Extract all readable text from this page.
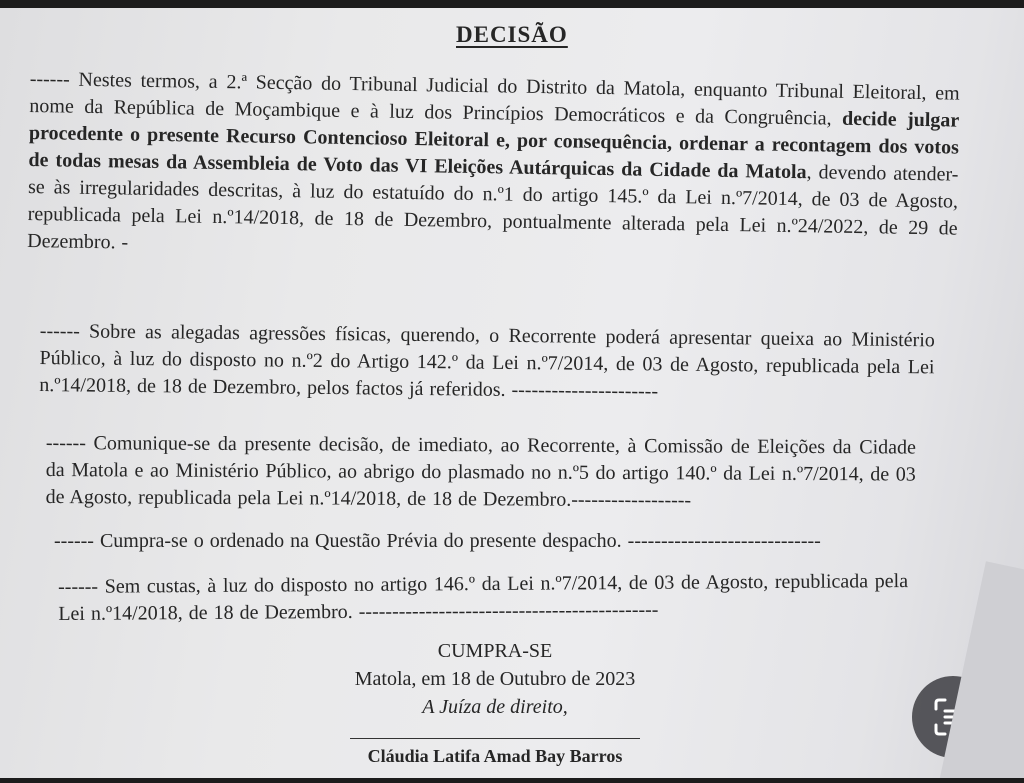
DECISÃO

------ Nestes termos, a 2.ª Secção do Tribunal Judicial do Distrito da Matola, enquanto Tribunal Eleitoral, em nome da República de Moçambique e à luz dos Princípios Democráticos e da Congruência, decide julgar procedente o presente Recurso Contencioso Eleitoral e, por consequência, ordenar a recontagem dos votos de todas mesas da Assembleia de Voto das VI Eleições Autárquicas da Cidade da Matola, devendo atender-se às irregularidades descritas, à luz do estatuído do n.º1 do artigo 145.º da Lei n.º7/2014, de 03 de Agosto, republicada pela Lei n.º14/2018, de 18 de Dezembro, pontualmente alterada pela Lei n.º24/2022, de 29 de Dezembro. -

------ Sobre as alegadas agressões físicas, querendo, o Recorrente poderá apresentar queixa ao Ministério Público, à luz do disposto no n.º2 do Artigo 142.º da Lei n.º7/2014, de 03 de Agosto, republicada pela Lei n.º14/2018, de 18 de Dezembro, pelos factos já referidos. ----------------------

------ Comunique-se da presente decisão, de imediato, ao Recorrente, à Comissão de Eleições da Cidade da Matola e ao Ministério Público, ao abrigo do plasmado no n.º5 do artigo 140.º da Lei n.º7/2014, de 03 de Agosto, republicada pela Lei n.º14/2018, de 18 de Dezembro.------------------

------ Cumpra-se o ordenado na Questão Prévia do presente despacho. -----------------------------

------ Sem custas, à luz do disposto no artigo 146.º da Lei n.º7/2014, de 03 de Agosto, republicada pela Lei n.º14/2018, de 18 de Dezembro. ---------------------------------------------

CUMPRA-SE
Matola, em 18 de Outubro de 2023
A Juíza de direito,
Cláudia Latifa Amad Bay Barros
